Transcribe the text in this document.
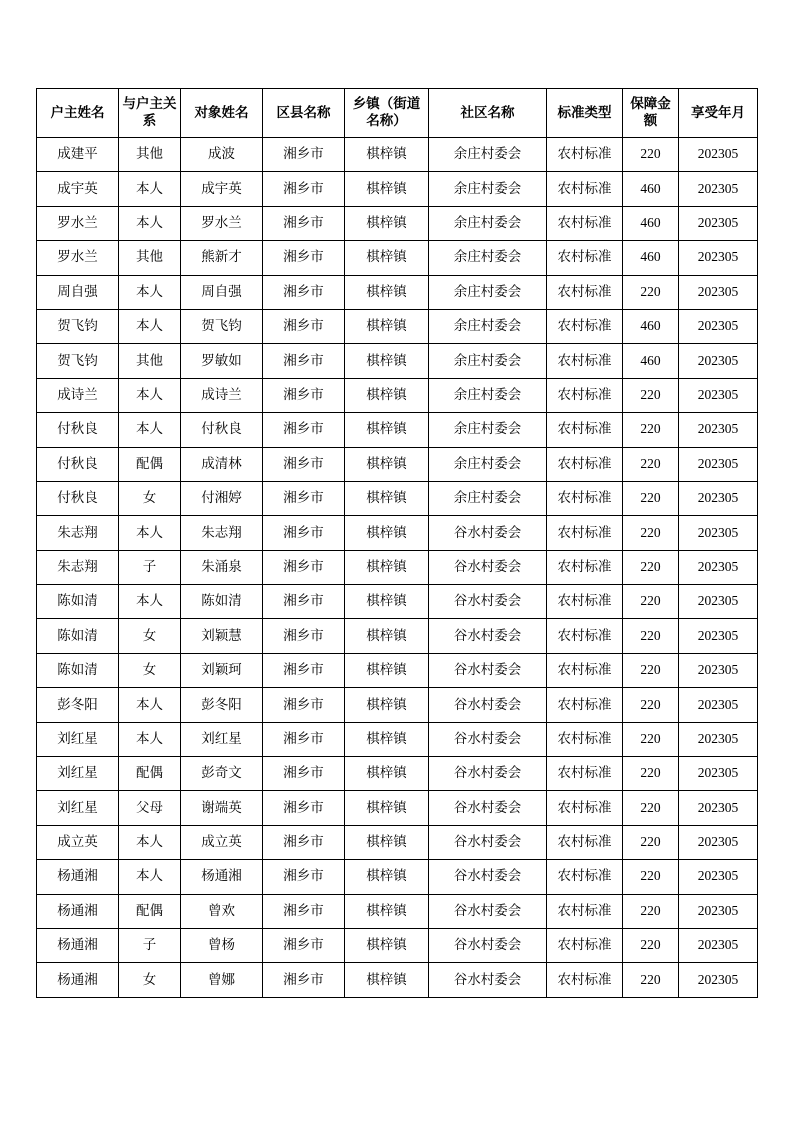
户主姓名	与户主关系	对象姓名	区县名称	乡镇（街道名称）	社区名称	标准类型	保障金额	享受年月
成建平	其他	成波	湘乡市	棋梓镇	余庄村委会	农村标准	220	202305
成宇英	本人	成宇英	湘乡市	棋梓镇	余庄村委会	农村标准	460	202305
罗水兰	本人	罗水兰	湘乡市	棋梓镇	余庄村委会	农村标准	460	202305
罗水兰	其他	熊新才	湘乡市	棋梓镇	余庄村委会	农村标准	460	202305
周自强	本人	周自强	湘乡市	棋梓镇	余庄村委会	农村标准	220	202305
贺飞钧	本人	贺飞钧	湘乡市	棋梓镇	余庄村委会	农村标准	460	202305
贺飞钧	其他	罗敏如	湘乡市	棋梓镇	余庄村委会	农村标准	460	202305
成诗兰	本人	成诗兰	湘乡市	棋梓镇	余庄村委会	农村标准	220	202305
付秋良	本人	付秋良	湘乡市	棋梓镇	余庄村委会	农村标准	220	202305
付秋良	配偶	成清林	湘乡市	棋梓镇	余庄村委会	农村标准	220	202305
付秋良	女	付湘婷	湘乡市	棋梓镇	余庄村委会	农村标准	220	202305
朱志翔	本人	朱志翔	湘乡市	棋梓镇	谷水村委会	农村标准	220	202305
朱志翔	子	朱涌泉	湘乡市	棋梓镇	谷水村委会	农村标准	220	202305
陈如清	本人	陈如清	湘乡市	棋梓镇	谷水村委会	农村标准	220	202305
陈如清	女	刘颖慧	湘乡市	棋梓镇	谷水村委会	农村标准	220	202305
陈如清	女	刘颖珂	湘乡市	棋梓镇	谷水村委会	农村标准	220	202305
彭冬阳	本人	彭冬阳	湘乡市	棋梓镇	谷水村委会	农村标准	220	202305
刘红星	本人	刘红星	湘乡市	棋梓镇	谷水村委会	农村标准	220	202305
刘红星	配偶	彭奇文	湘乡市	棋梓镇	谷水村委会	农村标准	220	202305
刘红星	父母	谢端英	湘乡市	棋梓镇	谷水村委会	农村标准	220	202305
成立英	本人	成立英	湘乡市	棋梓镇	谷水村委会	农村标准	220	202305
杨通湘	本人	杨通湘	湘乡市	棋梓镇	谷水村委会	农村标准	220	202305
杨通湘	配偶	曾欢	湘乡市	棋梓镇	谷水村委会	农村标准	220	202305
杨通湘	子	曾杨	湘乡市	棋梓镇	谷水村委会	农村标准	220	202305
杨通湘	女	曾娜	湘乡市	棋梓镇	谷水村委会	农村标准	220	202305
